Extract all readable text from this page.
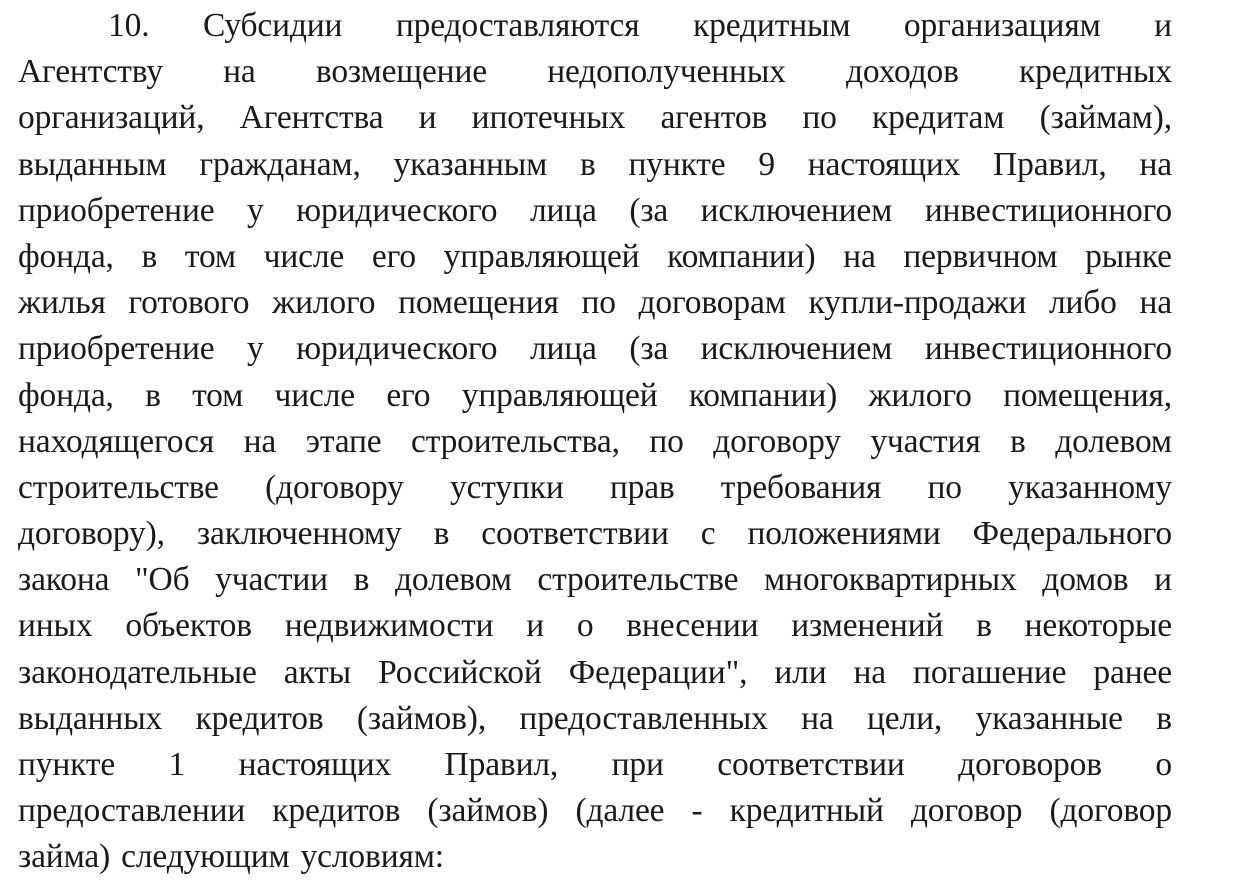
10. Субсидии предоставляются кредитным организациям и
Агентству на возмещение недополученных доходов кредитных
организаций, Агентства и ипотечных агентов по кредитам (займам),
выданным гражданам, указанным в пункте 9 настоящих Правил, на
приобретение у юридического лица (за исключением инвестиционного
фонда, в том числе его управляющей компании) на первичном рынке
жилья готового жилого помещения по договорам купли-продажи либо на
приобретение у юридического лица (за исключением инвестиционного
фонда, в том числе его управляющей компании) жилого помещения,
находящегося на этапе строительства, по договору участия в долевом
строительстве (договору уступки прав требования по указанному
договору), заключенному в соответствии с положениями Федерального
закона "Об участии в долевом строительстве многоквартирных домов и
иных объектов недвижимости и о внесении изменений в некоторые
законодательные акты Российской Федерации", или на погашение ранее
выданных кредитов (займов), предоставленных на цели, указанные в
пункте 1 настоящих Правил, при соответствии договоров о
предоставлении кредитов (займов) (далее - кредитный договор (договор
займа) следующим условиям:
